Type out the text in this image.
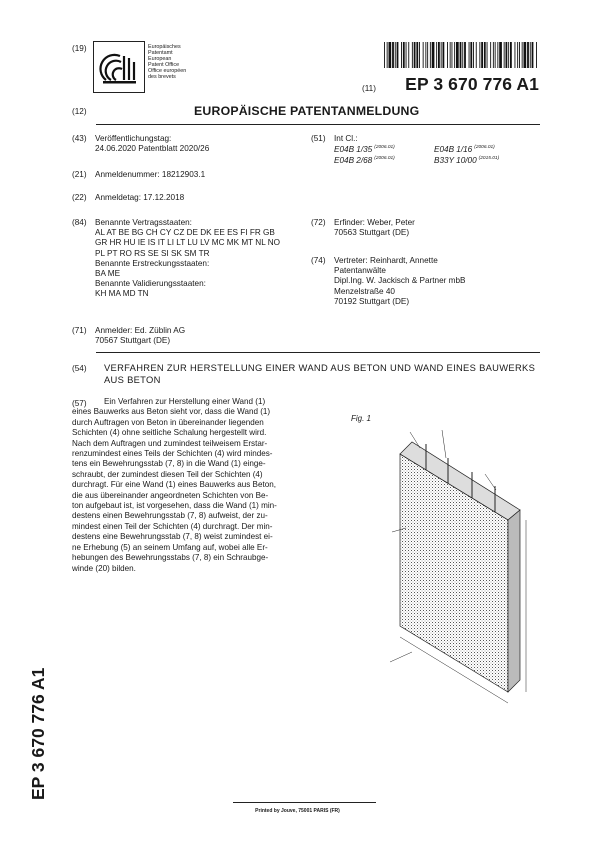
(19)	Europäisches
Patentamt
European
Patent Office
Office européen
des brevets
(11) EP 3 670 776 A1
(12)	EUROPÄISCHE PATENTANMELDUNG
(43) Veröffentlichungstag:
24.06.2020 Patentblatt 2020/26
(21) Anmeldenummer: 18212903.1
(22) Anmeldetag: 17.12.2018
(84) Benannte Vertragsstaaten:
AL AT BE BG CH CY CZ DE DK EE ES FI FR GB
GR HR HU IE IS IT LI LT LU LV MC MK MT NL NO
PL PT RO RS SE SI SK SM TR
Benannte Erstreckungsstaaten:
BA ME
Benannte Validierungsstaaten:
KH MA MD TN
(71) Anmelder: Ed. Züblin AG
70567 Stuttgart (DE)
(51) Int Cl.:
E04B 1/35 $^{(2006.01)}$	E04B 1/16 $^{(2006.01)}$
E04B 2/68 $^{(2006.01)}$	B33Y 10/00 $^{(2015.01)}$
(72) Erfinder: Weber, Peter
70563 Stuttgart (DE)
(74) Vertreter: Reinhardt, Annette
Patentanwälte
Dipl.Ing. W. Jackisch & Partner mbB
Menzelstraße 40
70192 Stuttgart (DE)
(54) VERFAHREN ZUR HERSTELLUNG EINER WAND AUS BETON UND WAND EINES BAUWERKS
AUS BETON
(57)	Ein Verfahren zur Herstellung einer Wand (1)
eines Bauwerks aus Beton sieht vor, dass die Wand (1)
durch Auftragen von Beton in übereinander liegenden
Schichten (4) ohne seitliche Schalung hergestellt wird.
Nach dem Auftragen und zumindest teilweisem Erstar-
renzumindest eines Teils der Schichten (4) wird mindes-
tens ein Bewehrungsstab (7, 8) in die Wand (1) einge-
schraubt, der zumindest diesen Teil der Schichten (4)
durchragt. Für eine Wand (1) eines Bauwerks aus Beton,
die aus übereinander angeordneten Schichten von Be-
ton aufgebaut ist, ist vorgesehen, dass die Wand (1) min-
destens einen Bewehrungsstab (7, 8) aufweist, der zu-
mindest einen Teil der Schichten (4) durchragt. Der min-
destens eine Bewehrungsstab (7, 8) weist zumindest ei-
ne Erhebung (5) an seinem Umfang auf, wobei alle Er-
hebungen des Bewehrungsstabs (7, 8) ein Schraubge-
winde (20) bilden.
Fig. 1
EP 3 670 776 A1
Printed by Jouve, 75001 PARIS (FR)
